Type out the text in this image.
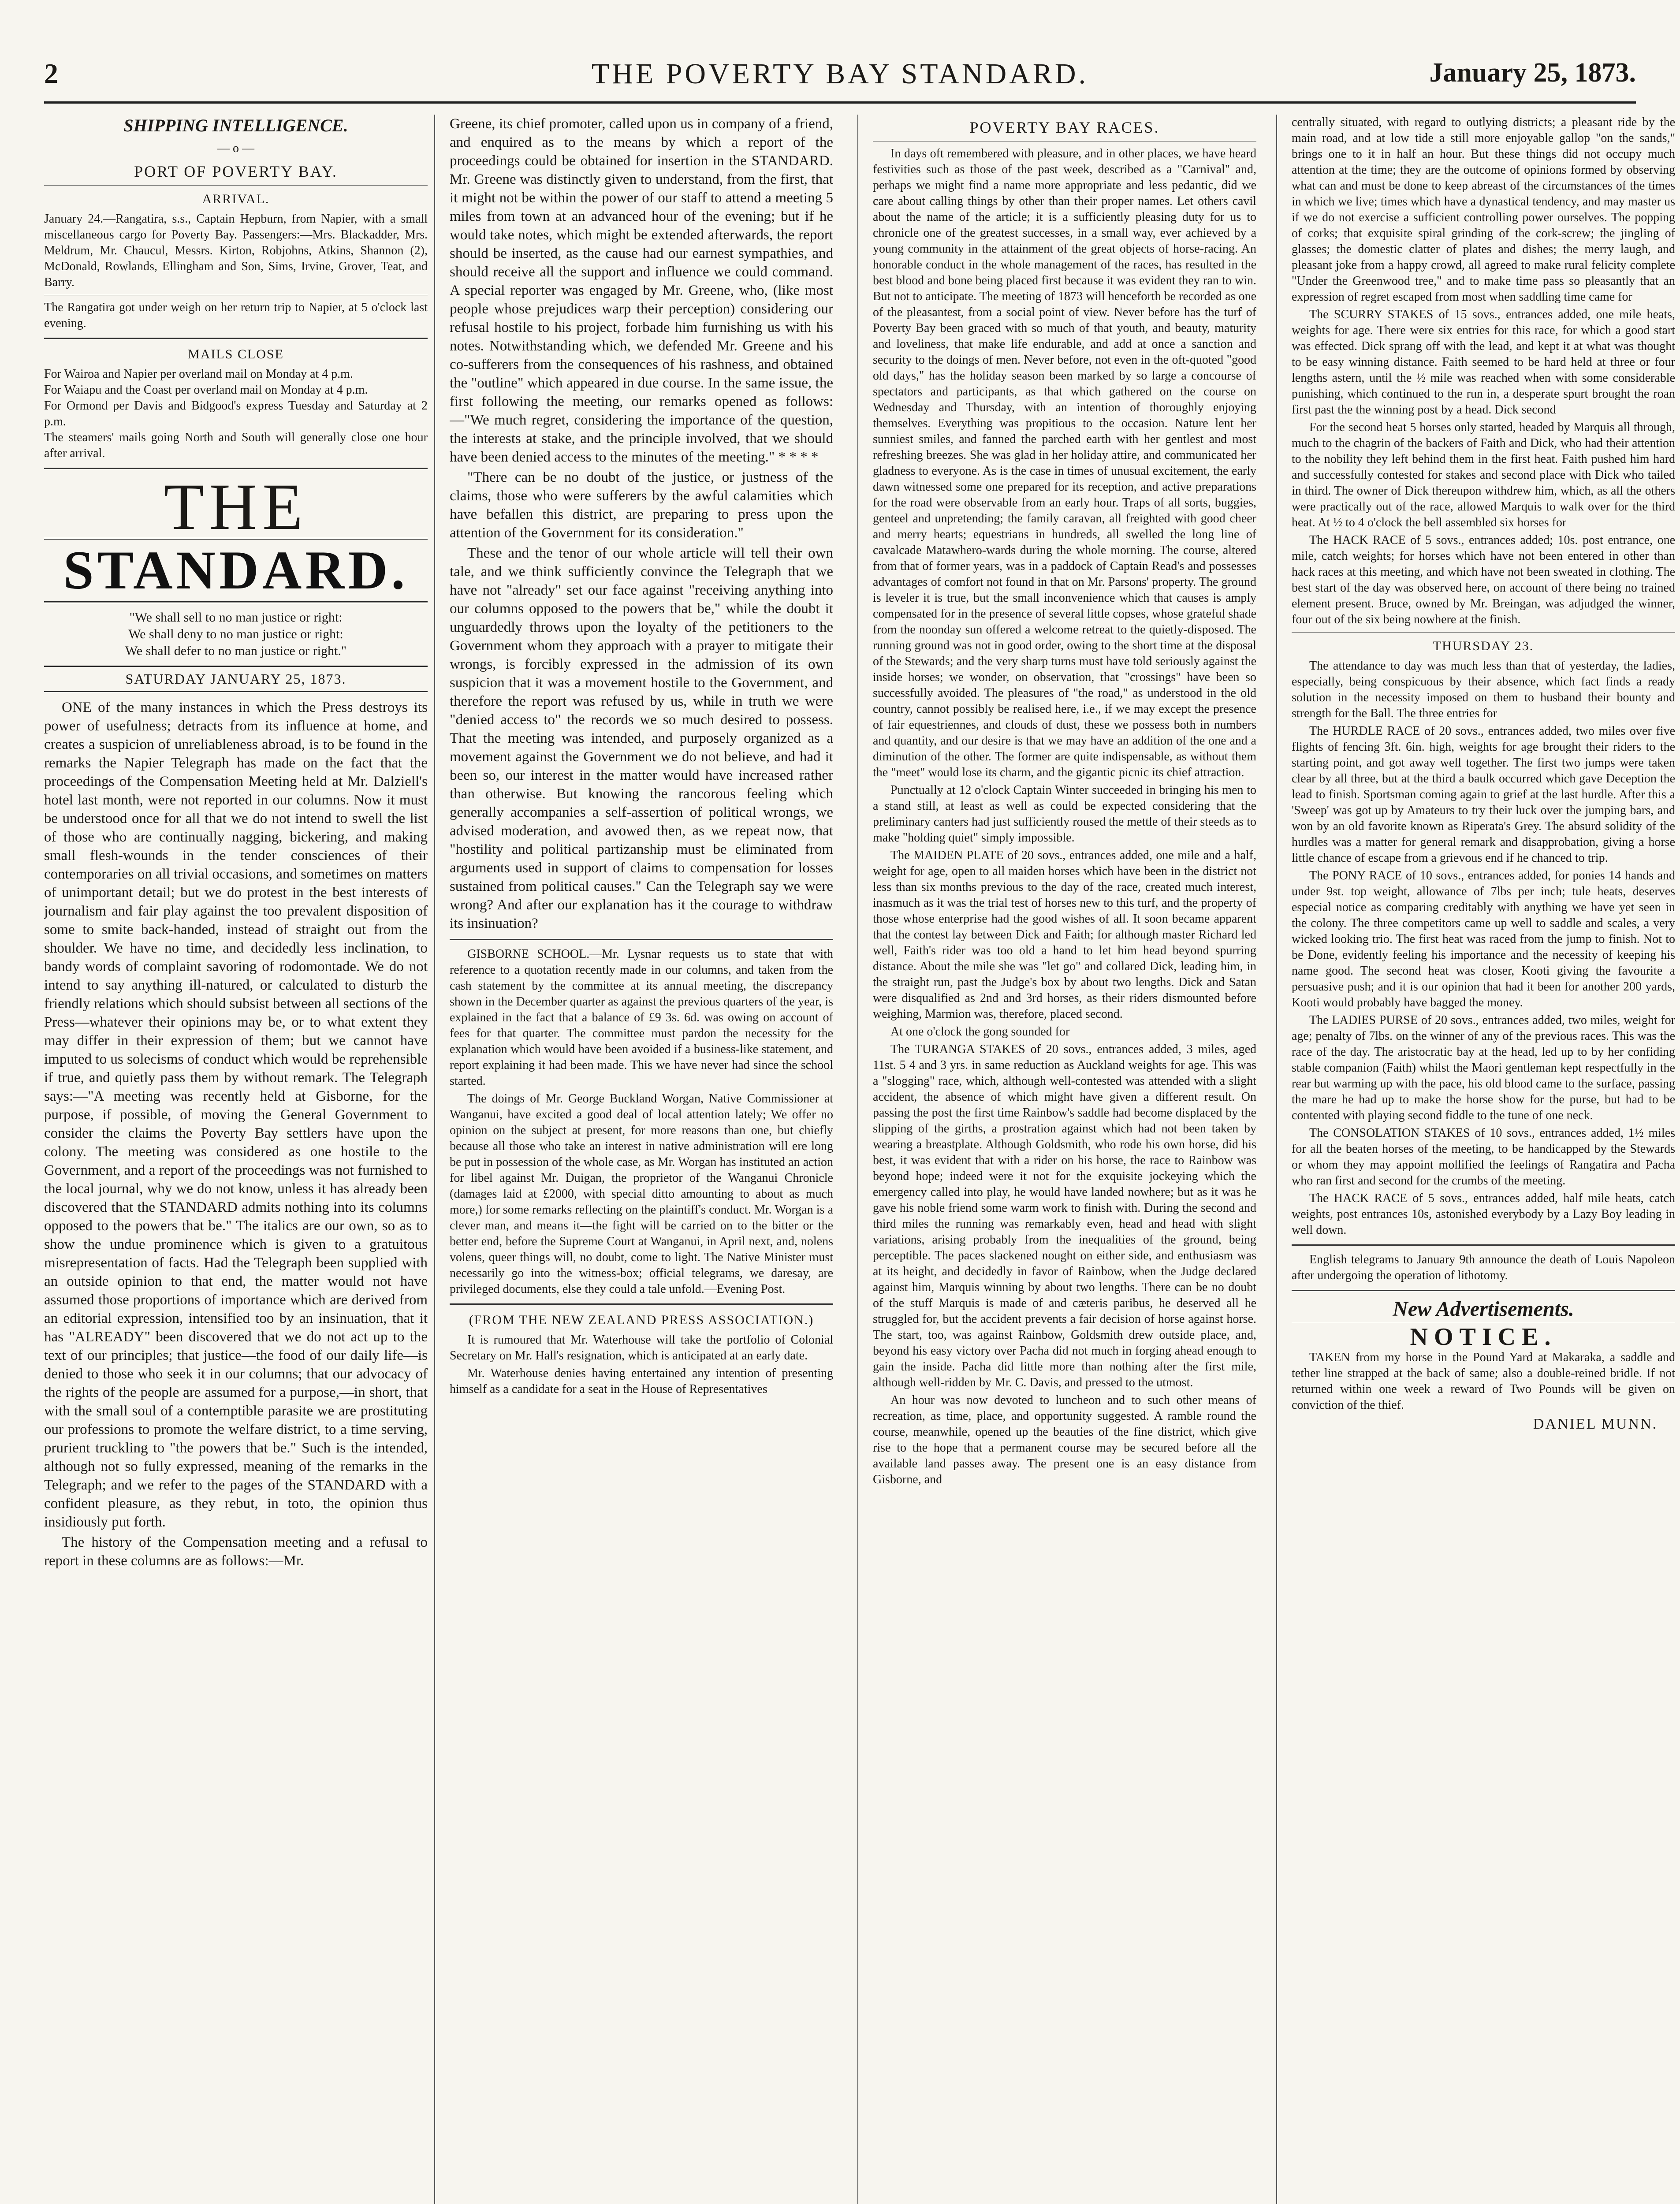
2	THE POVERTY BAY STANDARD.	January 25, 1873.
SHIPPING INTELLIGENCE.
— o —
PORT OF POVERTY BAY.
ARRIVAL.
January 24.—Rangatira, s.s., Captain Hepburn, from Napier, with a small miscellaneous cargo for Poverty Bay. Passengers:—Mrs. Blackadder, Mrs. Meldrum, Mr. Chaucul, Messrs. Kirton, Robjohns, Atkins, Shannon (2), McDonald, Rowlands, Ellingham and Son, Sims, Irvine, Grover, Teat, and Barry.
The Rangatira got under weigh on her return trip to Napier, at 5 o'clock last evening.
MAILS CLOSE
For Wairoa and Napier per overland mail on Monday at 4 p.m.
For Waiapu and the Coast per overland mail on Monday at 4 p.m.
For Ormond per Davis and Bidgood's express Tuesday and Saturday at 2 p.m.
The steamers' mails going North and South will generally close one hour after arrival.
THE
STANDARD.
"We shall sell to no man justice or right:
We shall deny to no man justice or right:
We shall defer to no man justice or right."
SATURDAY JANUARY 25, 1873.

ONE of the many instances in which the Press destroys its power of usefulness; detracts from its influence at home, and creates a suspicion of unreliableness abroad, is to be found in the remarks the Napier Telegraph has made on the fact that the proceedings of the Compensation Meeting held at Mr. Dalziell's hotel last month, were not reported in our columns. Now it must be understood once for all that we do not intend to swell the list of those who are continually nagging, bickering, and making small flesh-wounds in the tender consciences of their contemporaries on all trivial occasions, and sometimes on matters of unimportant detail; but we do protest in the best interests of journalism and fair play against the too prevalent disposition of some to smite back-handed, instead of straight out from the shoulder. We have no time, and decidedly less inclination, to bandy words of complaint savoring of rodomontade. We do not intend to say anything ill-natured, or calculated to disturb the friendly relations which should subsist between all sections of the Press—whatever their opinions may be, or to what extent they may differ in their expression of them; but we cannot have imputed to us solecisms of conduct which would be reprehensible if true, and quietly pass them by without remark. The Telegraph says:—"A meeting was recently held at Gisborne, for the purpose, if possible, of moving the General Government to consider the claims the Poverty Bay settlers have upon the colony. The meeting was considered as one hostile to the Government, and a report of the proceedings was not furnished to the local journal, why we do not know, unless it has already been discovered that the STANDARD admits nothing into its columns opposed to the powers that be." The italics are our own, so as to show the undue prominence which is given to a gratuitous misrepresentation of facts. Had the Telegraph been supplied with an outside opinion to that end, the matter would not have assumed those proportions of importance which are derived from an editorial expression, intensified too by an insinuation, that it has "ALREADY" been discovered that we do not act up to the text of our principles; that justice—the food of our daily life—is denied to those who seek it in our columns; that our advocacy of the rights of the people are assumed for a purpose,—in short, that with the small soul of a contemptible parasite we are prostituting our professions to promote the welfare district, to a time serving, prurient truckling to "the powers that be." Such is the intended, although not so fully expressed, meaning of the remarks in the Telegraph; and we refer to the pages of the STANDARD with a confident pleasure, as they rebut, in toto, the opinion thus insidiously put forth.

The history of the Compensation meeting and a refusal to report in these columns are as follows:—Mr.

Greene, its chief promoter, called upon us in company of a friend, and enquired as to the means by which a report of the proceedings could be obtained for insertion in the STANDARD. Mr. Greene was distinctly given to understand, from the first, that it might not be within the power of our staff to attend a meeting 5 miles from town at an advanced hour of the evening; but if he would take notes, which might be extended afterwards, the report should be inserted, as the cause had our earnest sympathies, and should receive all the support and influence we could command. A special reporter was engaged by Mr. Greene, who, (like most people whose prejudices warp their perception) considering our refusal hostile to his project, forbade him furnishing us with his notes. Notwithstanding which, we defended Mr. Greene and his co-sufferers from the consequences of his rashness, and obtained the "outline" which appeared in due course. In the same issue, the first following the meeting, our remarks opened as follows:—"We much regret, considering the importance of the question, the interests at stake, and the principle involved, that we should have been denied access to the minutes of the meeting." * * * *

"There can be no doubt of the justice, or justness of the claims, those who were sufferers by the awful calamities which have befallen this district, are preparing to press upon the attention of the Government for its consideration."

These and the tenor of our whole article will tell their own tale, and we think sufficiently convince the Telegraph that we have not "already" set our face against "receiving anything into our columns opposed to the powers that be," while the doubt it unguardedly throws upon the loyalty of the petitioners to the Government whom they approach with a prayer to mitigate their wrongs, is forcibly expressed in the admission of its own suspicion that it was a movement hostile to the Government, and therefore the report was refused by us, while in truth we were "denied access to" the records we so much desired to possess. That the meeting was intended, and purposely organized as a movement against the Government we do not believe, and had it been so, our interest in the matter would have increased rather than otherwise. But knowing the rancorous feeling which generally accompanies a self-assertion of political wrongs, we advised moderation, and avowed then, as we repeat now, that "hostility and political partizanship must be eliminated from arguments used in support of claims to compensation for losses sustained from political causes." Can the Telegraph say we were wrong? And after our explanation has it the courage to withdraw its insinuation?

GISBORNE SCHOOL.—Mr. Lysnar requests us to state that with reference to a quotation recently made in our columns, and taken from the cash statement by the committee at its annual meeting, the discrepancy shown in the December quarter as against the previous quarters of the year, is explained in the fact that a balance of £9 3s. 6d. was owing on account of fees for that quarter. The committee must pardon the necessity for the explanation which would have been avoided if a business-like statement, and report explaining it had been made. This we have never had since the school started.

The doings of Mr. George Buckland Worgan, Native Commissioner at Wanganui, have excited a good deal of local attention lately; We offer no opinion on the subject at present, for more reasons than one, but chiefly because all those who take an interest in native administration will ere long be put in possession of the whole case, as Mr. Worgan has instituted an action for libel against Mr. Duigan, the proprietor of the Wanganui Chronicle (damages laid at £2000, with special ditto amounting to about as much more,) for some remarks reflecting on the plaintiff's conduct. Mr. Worgan is a clever man, and means it—the fight will be carried on to the bitter or the better end, before the Supreme Court at Wanganui, in April next, and, nolens volens, queer things will, no doubt, come to light. The Native Minister must necessarily go into the witness-box; official telegrams, we daresay, are privileged documents, else they could a tale unfold.—Evening Post.

(FROM THE NEW ZEALAND PRESS ASSOCIATION.)

It is rumoured that Mr. Waterhouse will take the portfolio of Colonial Secretary on Mr. Hall's resignation, which is anticipated at an early date.

Mr. Waterhouse denies having entertained any intention of presenting himself as a candidate for a seat in the House of Representatives

POVERTY BAY RACES.

In days oft remembered with pleasure, and in other places, we have heard festivities such as those of the past week, described as a "Carnival" and, perhaps we might find a name more appropriate and less pedantic, did we care about calling things by other than their proper names. Let others cavil about the name of the article; it is a sufficiently pleasing duty for us to chronicle one of the greatest successes, in a small way, ever achieved by a young community in the attainment of the great objects of horse-racing. An honorable conduct in the whole management of the races, has resulted in the best blood and bone being placed first because it was evident they ran to win. But not to anticipate. The meeting of 1873 will henceforth be recorded as one of the pleasantest, from a social point of view. Never before has the turf of Poverty Bay been graced with so much of that youth, and beauty, maturity and loveliness, that make life endurable, and add at once a sanction and security to the doings of men. Never before, not even in the oft-quoted "good old days," has the holiday season been marked by so large a concourse of spectators and participants, as that which gathered on the course on Wednesday and Thursday, with an intention of thoroughly enjoying themselves. Everything was propitious to the occasion. Nature lent her sunniest smiles, and fanned the parched earth with her gentlest and most refreshing breezes. She was glad in her holiday attire, and communicated her gladness to everyone. As is the case in times of unusual excitement, the early dawn witnessed some one prepared for its reception, and active preparations for the road were observable from an early hour. Traps of all sorts, buggies, genteel and unpretending; the family caravan, all freighted with good cheer and merry hearts; equestrians in hundreds, all swelled the long line of cavalcade Matawhero-wards during the whole morning. The course, altered from that of former years, was in a paddock of Captain Read's and possesses advantages of comfort not found in that on Mr. Parsons' property. The ground is leveler it is true, but the small inconvenience which that causes is amply compensated for in the presence of several little copses, whose grateful shade from the noonday sun offered a welcome retreat to the quietly-disposed. The running ground was not in good order, owing to the short time at the disposal of the Stewards; and the very sharp turns must have told seriously against the inside horses; we wonder, on observation, that "crossings" have been so successfully avoided. The pleasures of "the road," as understood in the old country, cannot possibly be realised here, i.e., if we may except the presence of fair equestriennes, and clouds of dust, these we possess both in numbers and quantity, and our desire is that we may have an addition of the one and a diminution of the other. The former are quite indispensable, as without them the "meet" would lose its charm, and the gigantic picnic its chief attraction.

Punctually at 12 o'clock Captain Winter succeeded in bringing his men to a stand still, at least as well as could be expected considering that the preliminary canters had just sufficiently roused the mettle of their steeds as to make "holding quiet" simply impossible.

The MAIDEN PLATE of 20 sovs., entrances added, one mile and a half, weight for age, open to all maiden horses which have been in the district not less than six months previous to the day of the race, created much interest, inasmuch as it was the trial test of horses new to this turf, and the property of those whose enterprise had the good wishes of all. It soon became apparent that the contest lay between Dick and Faith; for although master Richard led well, Faith's rider was too old a hand to let him head beyond spurring distance. About the mile she was "let go" and collared Dick, leading him, in the straight run, past the Judge's box by about two lengths. Dick and Satan were disqualified as 2nd and 3rd horses, as their riders dismounted before weighing, Marmion was, therefore, placed second.

At one o'clock the gong sounded for

The TURANGA STAKES of 20 sovs., entrances added, 3 miles, aged 11st. 5 4 and 3 yrs. in same reduction as Auckland weights for age. This was a "slogging" race, which, although well-contested was attended with a slight accident, the absence of which might have given a different result. On passing the post the first time Rainbow's saddle had become displaced by the slipping of the girths, a prostration against which had not been taken by wearing a breastplate. Although Goldsmith, who rode his own horse, did his best, it was evident that with a rider on his horse, the race to Rainbow was beyond hope; indeed were it not for the exquisite jockeying which the emergency called into play, he would have landed nowhere; but as it was he gave his noble friend some warm work to finish with. During the second and third miles the running was remarkably even, head and head with slight variations, arising probably from the inequalities of the ground, being perceptible. The paces slackened nought on either side, and enthusiasm was at its height, and decidedly in favor of Rainbow, when the Judge declared against him, Marquis winning by about two lengths. There can be no doubt of the stuff Marquis is made of and cæteris paribus, he deserved all he struggled for, but the accident prevents a fair decision of horse against horse. The start, too, was against Rainbow, Goldsmith drew outside place, and, beyond his easy victory over Pacha did not much in forging ahead enough to gain the inside. Pacha did little more than nothing after the first mile, although well-ridden by Mr. C. Davis, and pressed to the utmost.

An hour was now devoted to luncheon and to such other means of recreation, as time, place, and opportunity suggested. A ramble round the course, meanwhile, opened up the beauties of the fine district, which give rise to the hope that a permanent course may be secured before all the available land passes away. The present one is an easy distance from Gisborne, and

centrally situated, with regard to outlying districts; a pleasant ride by the main road, and at low tide a still more enjoyable gallop "on the sands," brings one to it in half an hour. But these things did not occupy much attention at the time; they are the outcome of opinions formed by observing what can and must be done to keep abreast of the circumstances of the times in which we live; times which have a dynastical tendency, and may master us if we do not exercise a sufficient controlling power ourselves. The popping of corks; that exquisite spiral grinding of the cork-screw; the jingling of glasses; the domestic clatter of plates and dishes; the merry laugh, and pleasant joke from a happy crowd, all agreed to make rural felicity complete "Under the Greenwood tree," and to make time pass so pleasantly that an expression of regret escaped from most when saddling time came for

The SCURRY STAKES of 15 sovs., entrances added, one mile heats, weights for age. There were six entries for this race, for which a good start was effected. Dick sprang off with the lead, and kept it at what was thought to be easy winning distance. Faith seemed to be hard held at three or four lengths astern, until the ½ mile was reached when with some considerable punishing, which continued to the run in, a desperate spurt brought the roan first past the the winning post by a head. Dick second

For the second heat 5 horses only started, headed by Marquis all through, much to the chagrin of the backers of Faith and Dick, who had their attention to the nobility they left behind them in the first heat. Faith pushed him hard and successfully contested for stakes and second place with Dick who tailed in third. The owner of Dick thereupon withdrew him, which, as all the others were practically out of the race, allowed Marquis to walk over for the third heat. At ½ to 4 o'clock the bell assembled six horses for

The HACK RACE of 5 sovs., entrances added; 10s. post entrance, one mile, catch weights; for horses which have not been entered in other than hack races at this meeting, and which have not been sweated in clothing. The best start of the day was observed here, on account of there being no trained element present. Bruce, owned by Mr. Breingan, was adjudged the winner, four out of the six being nowhere at the finish.

THURSDAY 23.

The attendance to day was much less than that of yesterday, the ladies, especially, being conspicuous by their absence, which fact finds a ready solution in the necessity imposed on them to husband their bounty and strength for the Ball. The three entries for

The HURDLE RACE of 20 sovs., entrances added, two miles over five flights of fencing 3ft. 6in. high, weights for age brought their riders to the starting point, and got away well together. The first two jumps were taken clear by all three, but at the third a baulk occurred which gave Deception the lead to finish. Sportsman coming again to grief at the last hurdle. After this a 'Sweep' was got up by Amateurs to try their luck over the jumping bars, and won by an old favorite known as Riperata's Grey. The absurd solidity of the hurdles was a matter for general remark and disapprobation, giving a horse little chance of escape from a grievous end if he chanced to trip.

The PONY RACE of 10 sovs., entrances added, for ponies 14 hands and under 9st. top weight, allowance of 7lbs per inch; tule heats, deserves especial notice as comparing creditably with anything we have yet seen in the colony. The three competitors came up well to saddle and scales, a very wicked looking trio. The first heat was raced from the jump to finish. Not to be Done, evidently feeling his importance and the necessity of keeping his name good. The second heat was closer, Kooti giving the favourite a persuasive push; and it is our opinion that had it been for another 200 yards, Kooti would probably have bagged the money.

The LADIES PURSE of 20 sovs., entrances added, two miles, weight for age; penalty of 7lbs. on the winner of any of the previous races. This was the race of the day. The aristocratic bay at the head, led up to by her confiding stable companion (Faith) whilst the Maori gentleman kept respectfully in the rear but warming up with the pace, his old blood came to the surface, passing the mare he had up to make the horse show for the purse, but had to be contented with playing second fiddle to the tune of one neck.

The CONSOLATION STAKES of 10 sovs., entrances added, 1½ miles for all the beaten horses of the meeting, to be handicapped by the Stewards or whom they may appoint mollified the feelings of Rangatira and Pacha who ran first and second for the crumbs of the meeting.

The HACK RACE of 5 sovs., entrances added, half mile heats, catch weights, post entrances 10s, astonished everybody by a Lazy Boy leading in well down.

English telegrams to January 9th announce the death of Louis Napoleon after undergoing the operation of lithotomy.

New Advertisements.
NOTICE.

TAKEN from my horse in the Pound Yard at Makaraka, a saddle and tether line strapped at the back of same; also a double-reined bridle. If not returned within one week a reward of Two Pounds will be given on conviction of the thief.

DANIEL MUNN.
